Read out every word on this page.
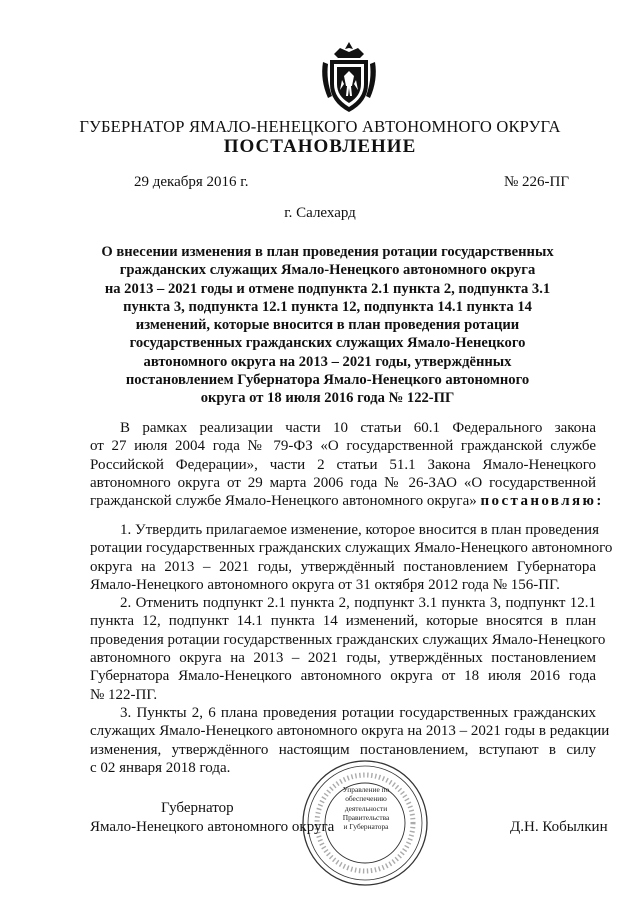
ГУБЕРНАТОР ЯМАЛО-НЕНЕЦКОГО АВТОНОМНОГО ОКРУГА
ПОСТАНОВЛЕНИЕ
29 декабря 2016 г.	№ 226-ПГ
г. Салехард
О внесении изменения в план проведения ротации государственных
гражданских служащих Ямало-Ненецкого автономного округа
на 2013 – 2021 годы и отмене подпункта 2.1 пункта 2, подпункта 3.1
пункта 3, подпункта 12.1 пункта 12, подпункта 14.1 пункта 14
изменений, которые вносится в план проведения ротации
государственных гражданских служащих Ямало-Ненецкого
автономного округа на 2013 – 2021 годы, утверждённых
постановлением Губернатора Ямало-Ненецкого автономного
округа от 18 июля 2016 года № 122-ПГ
В рамках реализации части 10 статьи 60.1 Федерального закона
от 27 июля 2004 года № 79-ФЗ «О государственной гражданской службе
Российской Федерации», части 2 статьи 51.1 Закона Ямало-Ненецкого
автономного округа от 29 марта 2006 года № 26-ЗАО «О государственной
гражданской службе Ямало-Ненецкого автономного округа» постановляю:
1. Утвердить прилагаемое изменение, которое вносится в план проведения
ротации государственных гражданских служащих Ямало-Ненецкого автономного
округа на 2013 – 2021 годы, утверждённый постановлением Губернатора
Ямало-Ненецкого автономного округа от 31 октября 2012 года № 156-ПГ.
2. Отменить подпункт 2.1 пункта 2, подпункт 3.1 пункта 3, подпункт 12.1
пункта 12, подпункт 14.1 пункта 14 изменений, которые вносятся в план
проведения ротации государственных гражданских служащих Ямало-Ненецкого
автономного округа на 2013 – 2021 годы, утверждённых постановлением
Губернатора Ямало-Ненецкого автономного округа от 18 июля 2016 года
№ 122-ПГ.
3. Пункты 2, 6 плана проведения ротации государственных гражданских
служащих Ямало-Ненецкого автономного округа на 2013 – 2021 годы в редакции
изменения, утверждённого настоящим постановлением, вступают в силу
с 02 января 2018 года.
Управление по
обеспечению
деятельности
Правительства
и Губернатора
Губернатор
Ямало-Ненецкого автономного округа	Д.Н. Кобылкин
